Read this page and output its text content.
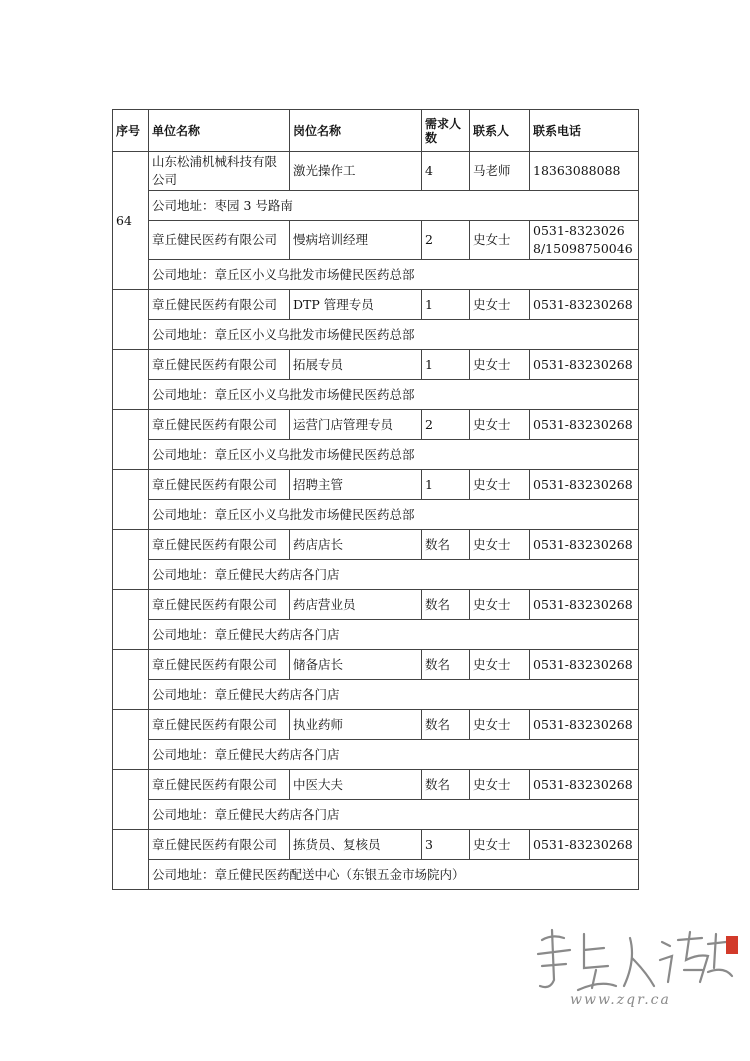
序号	单位名称	岗位名称	需求人数	联系人	联系电话
64	山东松浦机械科技有限公司	激光操作工	4	马老师	18363088088
	公司地址：枣园 3 号路南				
	章丘健民医药有限公司	慢病培训经理	2	史女士	0531-83230268/15098750046
	公司地址：章丘区小义乌批发市场健民医药总部				
	章丘健民医药有限公司	DTP 管理专员	1	史女士	0531-83230268
	公司地址：章丘区小义乌批发市场健民医药总部				
	章丘健民医药有限公司	拓展专员	1	史女士	0531-83230268
	公司地址：章丘区小义乌批发市场健民医药总部				
	章丘健民医药有限公司	运营门店管理专员	2	史女士	0531-83230268
	公司地址：章丘区小义乌批发市场健民医药总部				
	章丘健民医药有限公司	招聘主管	1	史女士	0531-83230268
	公司地址：章丘区小义乌批发市场健民医药总部				
	章丘健民医药有限公司	药店店长	数名	史女士	0531-83230268
	公司地址：章丘健民大药店各门店				
	章丘健民医药有限公司	药店营业员	数名	史女士	0531-83230268
	公司地址：章丘健民大药店各门店				
	章丘健民医药有限公司	储备店长	数名	史女士	0531-83230268
	公司地址：章丘健民大药店各门店				
	章丘健民医药有限公司	执业药师	数名	史女士	0531-83230268
	公司地址：章丘健民大药店各门店				
	章丘健民医药有限公司	中医大夫	数名	史女士	0531-83230268
	公司地址：章丘健民大药店各门店				
	章丘健民医药有限公司	拣货员、复核员	3	史女士	0531-83230268
	公司地址：章丘健民医药配送中心（东银五金市场院内）				
www.zqr.ca
